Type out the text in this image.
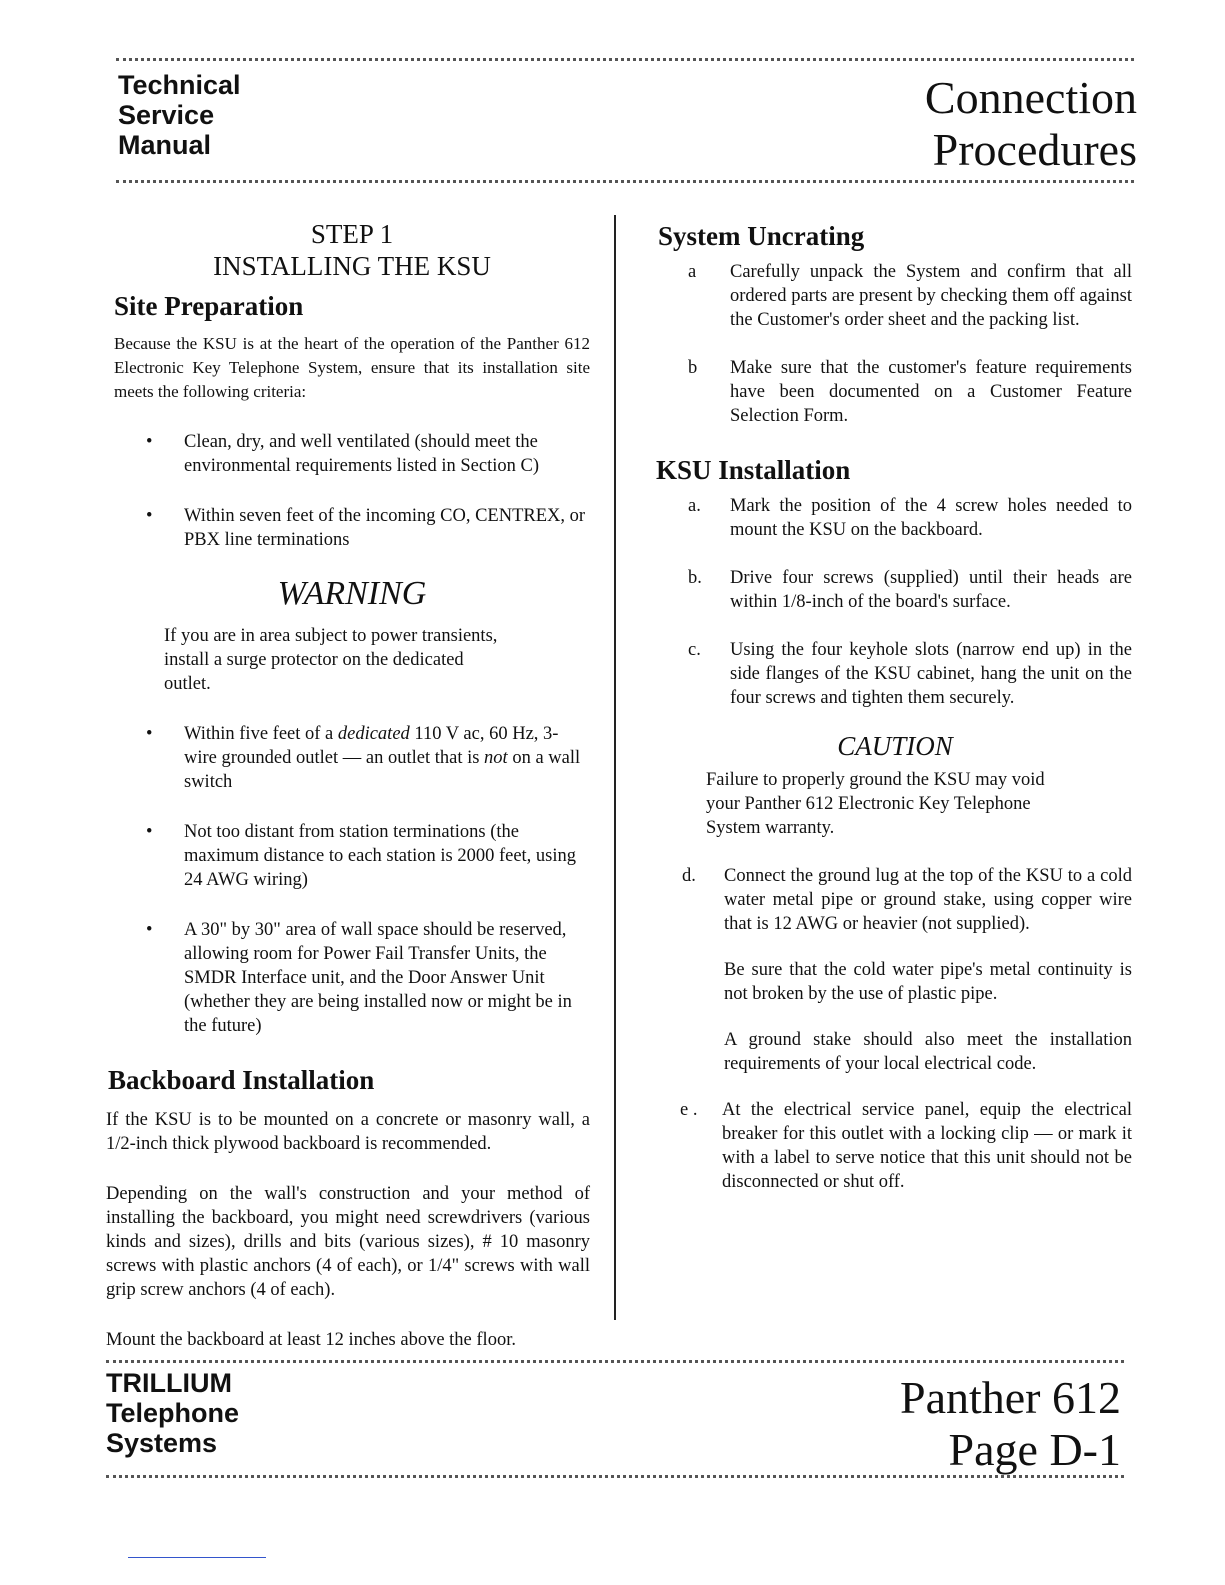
Technical
Service
Manual
Connection
Procedures
STEP 1
INSTALLING THE KSU
Site Preparation

Because the KSU is at the heart of the operation of the Panther 612 Electronic Key Telephone System, ensure that its installation site meets the following criteria:

• Clean, dry, and well ventilated (should meet the environmental requirements listed in Section C)

• Within seven feet of the incoming CO, CENTREX, or PBX line terminations

WARNING

If you are in area subject to power transients, install a surge protector on the dedicated outlet.

• Within five feet of a dedicated 110 V ac, 60 Hz, 3-wire grounded outlet — an outlet that is not on a wall switch

• Not too distant from station terminations (the maximum distance to each station is 2000 feet, using 24 AWG wiring)

• A 30" by 30" area of wall space should be reserved, allowing room for Power Fail Transfer Units, the SMDR Interface unit, and the Door Answer Unit (whether they are being installed now or might be in the future)

Backboard Installation

If the KSU is to be mounted on a concrete or masonry wall, a 1/2-inch thick plywood backboard is recommended.

Depending on the wall's construction and your method of installing the backboard, you might need screwdrivers (various kinds and sizes), drills and bits (various sizes), # 10 masonry screws with plastic anchors (4 of each), or 1/4" screws with wall grip screw anchors (4 of each).

Mount the backboard at least 12 inches above the floor.

System Uncrating
a Carefully unpack the System and confirm that all ordered parts are present by checking them off against the Customer's order sheet and the packing list.

b Make sure that the customer's feature requirements have been documented on a Customer Feature Selection Form.

KSU Installation
a. Mark the position of the 4 screw holes needed to mount the KSU on the backboard.

b. Drive four screws (supplied) until their heads are within 1/8-inch of the board's surface.

c. Using the four keyhole slots (narrow end up) in the side flanges of the KSU cabinet, hang the unit on the four screws and tighten them securely.

CAUTION

Failure to properly ground the KSU may void your Panther 612 Electronic Key Telephone System warranty.

d. Connect the ground lug at the top of the KSU to a cold water metal pipe or ground stake, using copper wire that is 12 AWG or heavier (not supplied).

Be sure that the cold water pipe's metal continuity is not broken by the use of plastic pipe.

A ground stake should also meet the installation requirements of your local electrical code.

e . At the electrical service panel, equip the electrical breaker for this outlet with a locking clip — or mark it with a label to serve notice that this unit should not be disconnected or shut off.

TRILLIUM
Telephone
Systems
Panther 612
Page D-1
